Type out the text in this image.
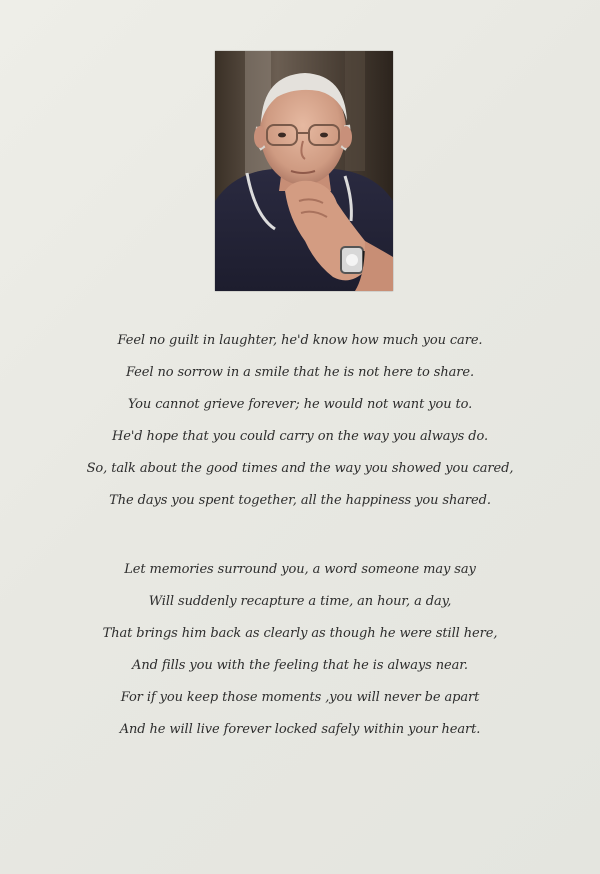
Feel no guilt in laughter, he'd know how much you care.
Feel no sorrow in a smile that he is not here to share.
You cannot grieve forever; he would not want you to.
He'd hope that you could carry on the way you always do.
So, talk about the good times and the way you showed you cared,
The days you spent together, all the happiness you shared.
Let memories surround you, a word someone may say
Will suddenly recapture a time, an hour, a day,
That brings him back as clearly as though he were still here,
And fills you with the feeling that he is always near.
For if you keep those moments ,you will never be apart
And he will live forever locked safely within your heart.
